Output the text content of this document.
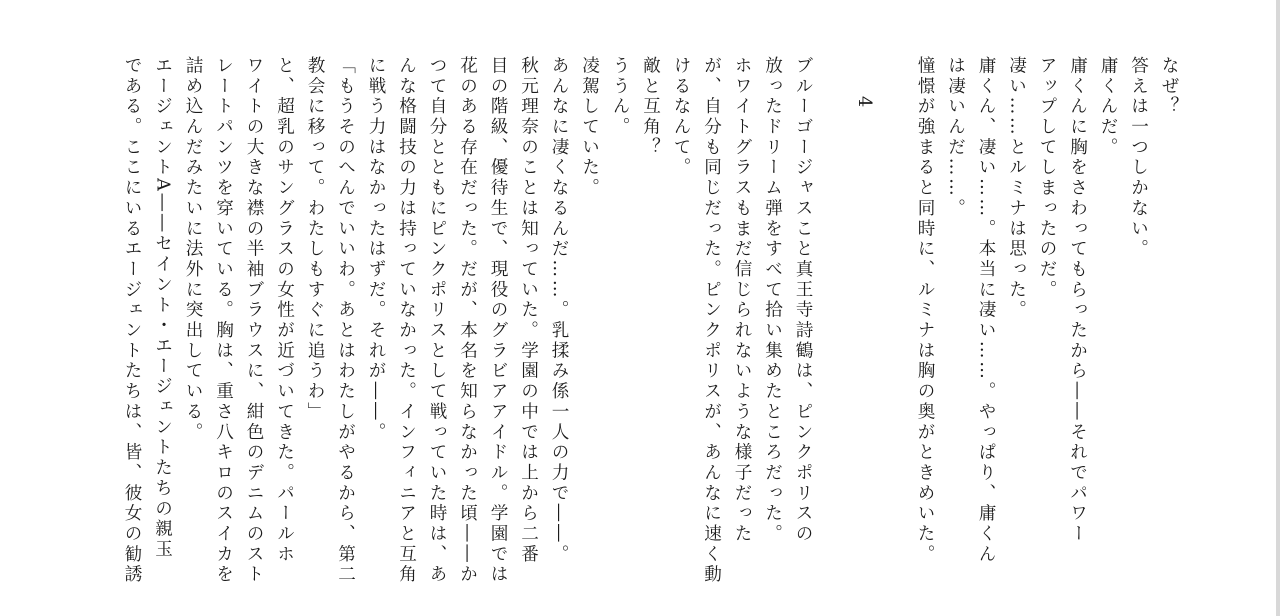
なぜ？
答えは一つしかない。
庸くんだ。
庸くんに胸をさわってもらったから――それでパワー
アップしてしまったのだ。
凄い……とルミナは思った。
庸くん、凄い……。本当に凄い……。やっぱり、庸くん
は凄いんだ……。
憧憬が強まると同時に、ルミナは胸の奥がときめいた。

4

ブルーゴージャスこと真王寺詩鶴は、ピンクポリスの
放ったドリーム弾をすべて拾い集めたところだった。
ホワイトグラスもまだ信じられないような様子だった
が、自分も同じだった。ピンクポリスが、あんなに速く動
けるなんて。
敵と互角？
ううん。
凌駕していた。
あんなに凄くなるんだ……。乳揉み係一人の力で――。
秋元理奈のことは知っていた。学園の中では上から二番
目の階級、優待生で、現役のグラビアアイドル。学園では
花のある存在だった。だが、本名を知らなかった頃――か
つて自分とともにピンクポリスとして戦っていた時は、あ
んな格闘技の力は持っていなかった。インフィニアと互角
に戦う力はなかったはずだ。それが――。
「もうそのへんでいいわ。あとはわたしがやるから、第二
教会に移って。わたしもすぐに追うわ」
と、超乳のサングラスの女性が近づいてきた。パールホ
ワイトの大きな襟の半袖ブラウスに、紺色のデニムのスト
レートパンツを穿いている。胸は、重さ八キロのスイカを
詰め込んだみたいに法外に突出している。
エージェントA――セイント・エージェントたちの親玉
である。ここにいるエージェントたちは、皆、彼女の勧誘
